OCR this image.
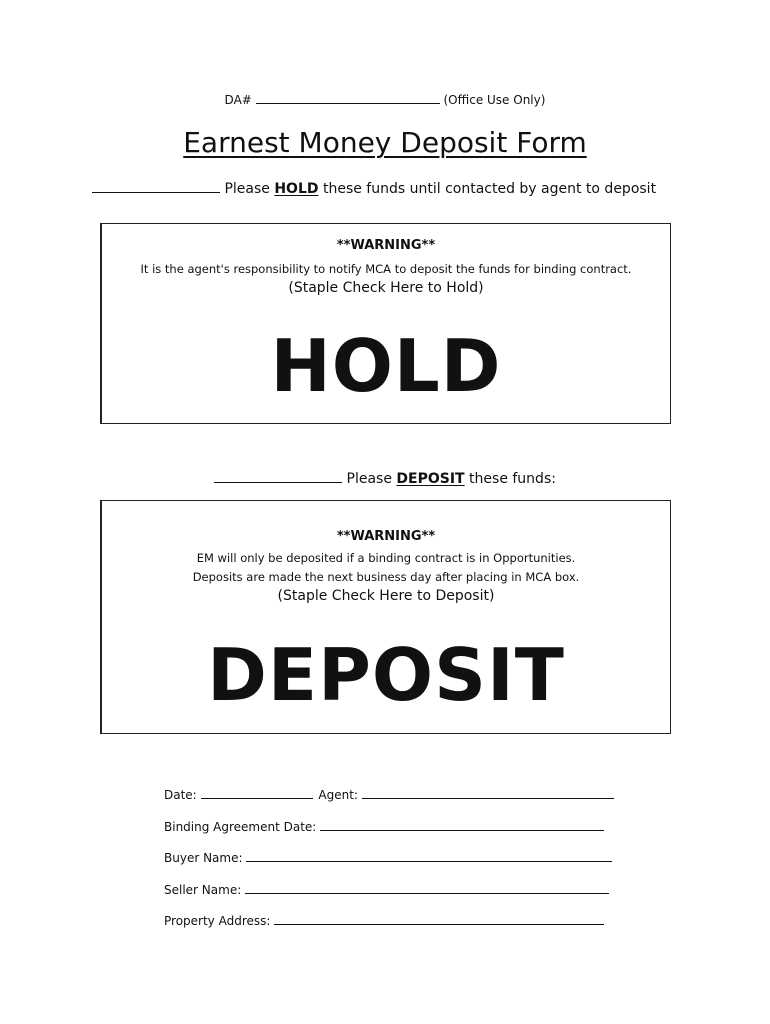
DA#	(Office Use Only)
Earnest Money Deposit Form
Please HOLD these funds until contacted by agent to deposit
**WARNING**
It is the agent's responsibility to notify MCA to deposit the funds for binding contract.
(Staple Check Here to Hold)
HOLD
Please DEPOSIT these funds:
**WARNING**
EM will only be deposited if a binding contract is in Opportunities.
Deposits are made the next business day after placing in MCA box.
(Staple Check Here to Deposit)
DEPOSIT
Date:	Agent:
Binding Agreement Date:
Buyer Name:
Seller Name:
Property Address:
